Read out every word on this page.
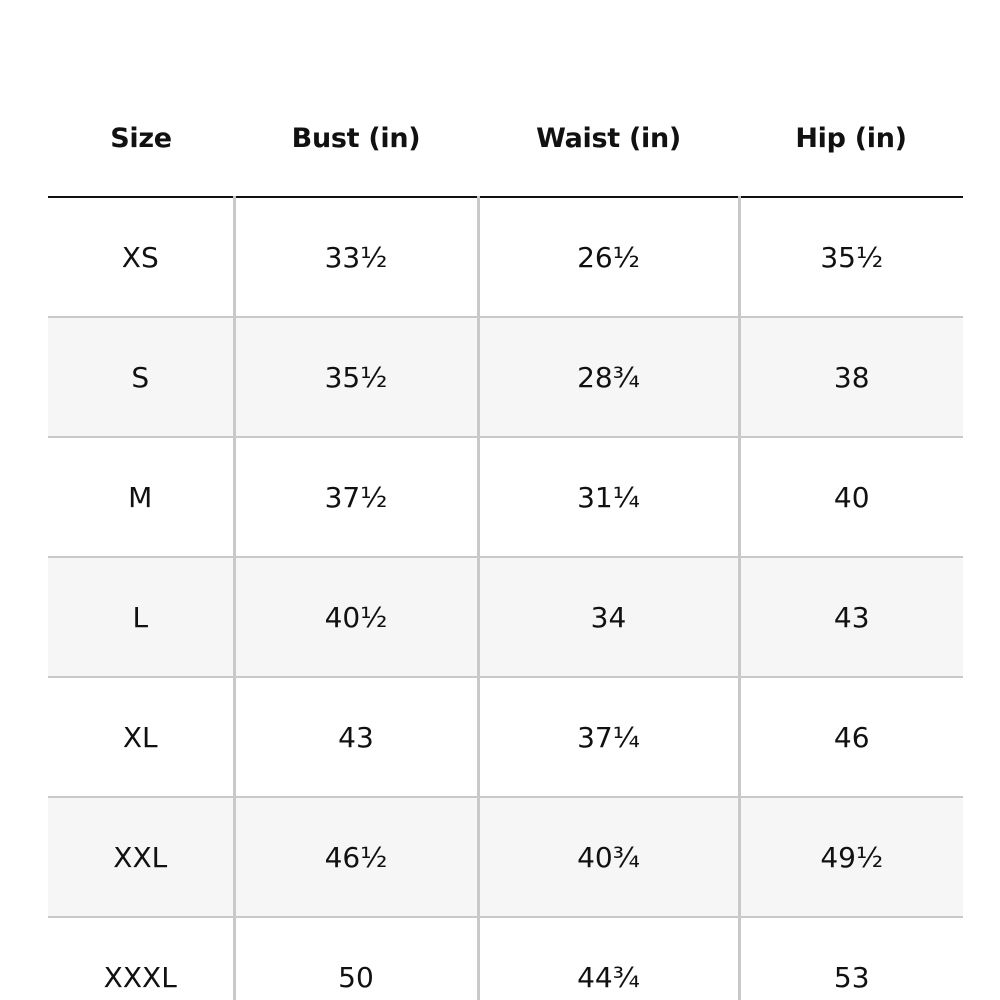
Size	Bust (in)	Waist (in)	Hip (in)
XS	33½	26½	35½
S	35½	28¾	38
M	37½	31¼	40
L	40½	34	43
XL	43	37¼	46
XXL	46½	40¾	49½
XXXL	50	44¾	53
